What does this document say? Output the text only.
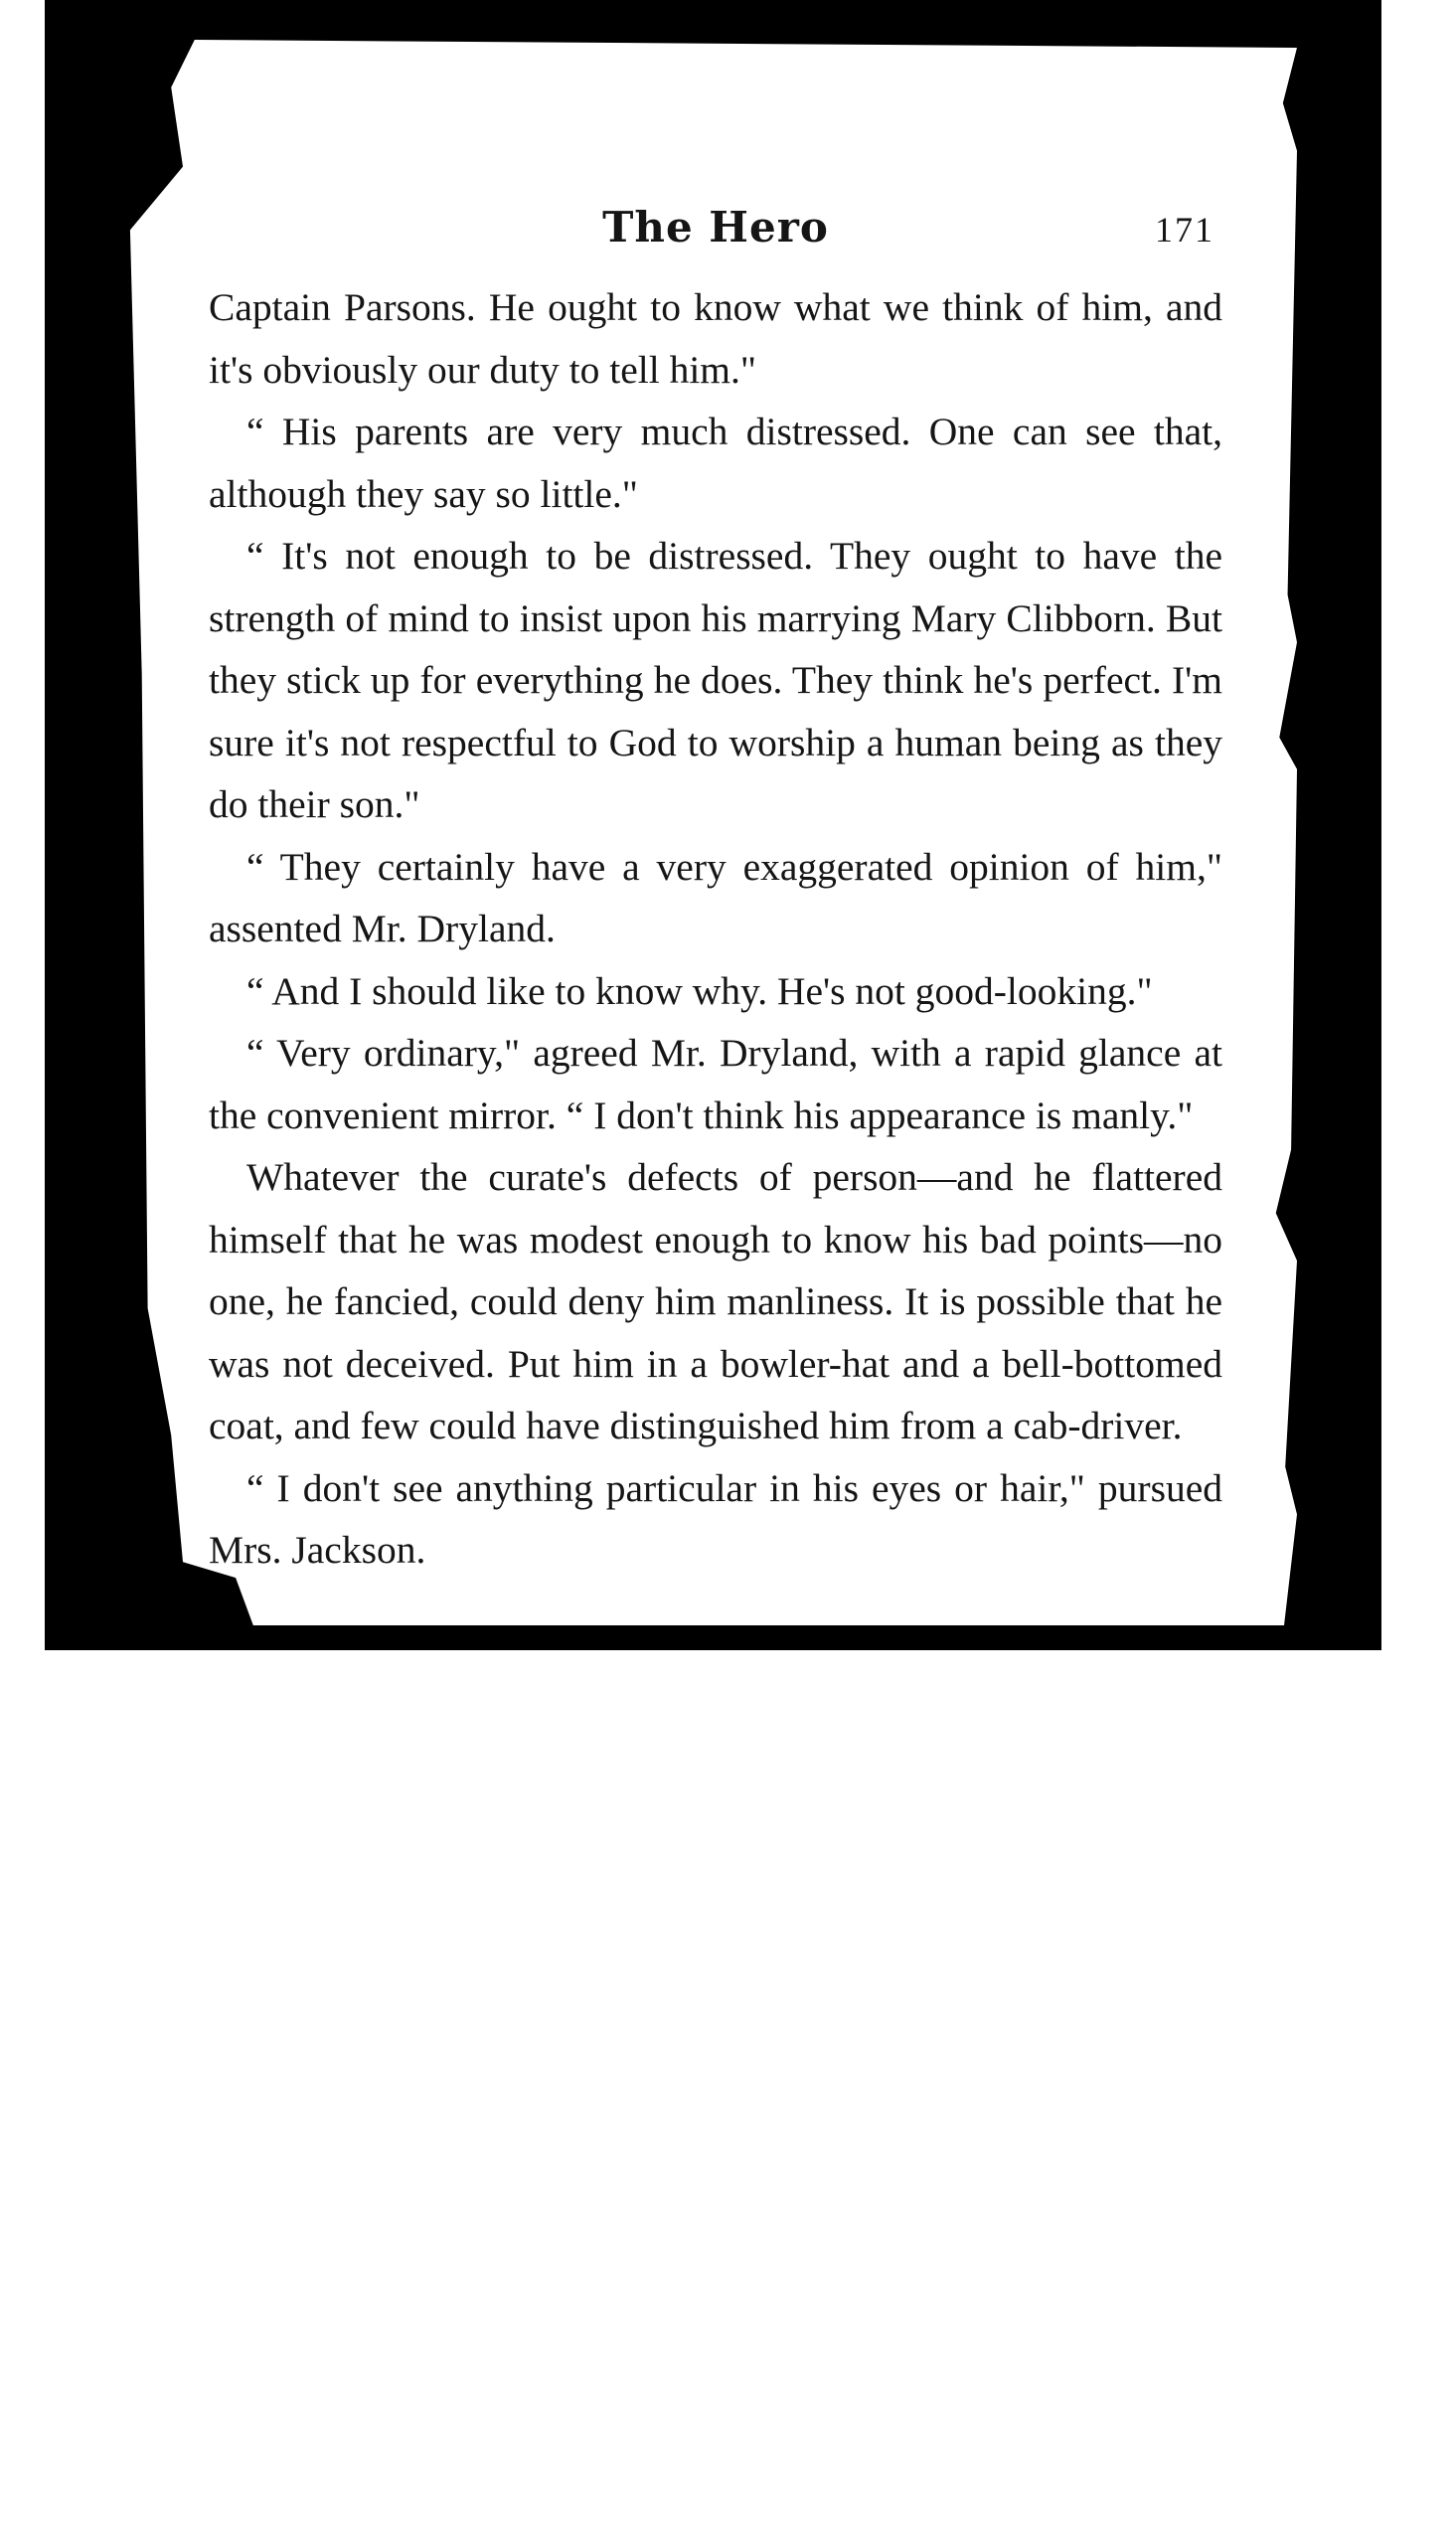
The Hero	171

Captain Parsons. He ought to know what we think of him, and it's obviously our duty to tell him."

“ His parents are very much distressed. One can see that, although they say so little."

“ It's not enough to be distressed. They ought to have the strength of mind to insist upon his marrying Mary Clibborn. But they stick up for everything he does. They think he's perfect. I'm sure it's not respectful to God to worship a human being as they do their son."

“ They certainly have a very exaggerated opinion of him," assented Mr. Dryland.

“ And I should like to know why. He's not good-looking."

“ Very ordinary," agreed Mr. Dryland, with a rapid glance at the convenient mirror. “ I don't think his appearance is manly."

Whatever the curate's defects of person—and he flattered himself that he was modest enough to know his bad points—no one, he fancied, could deny him manliness. It is possible that he was not deceived. Put him in a bowler-hat and a bell-bottomed coat, and few could have distinguished him from a cab-driver.

“ I don't see anything particular in his eyes or hair," pursued Mrs. Jackson.
